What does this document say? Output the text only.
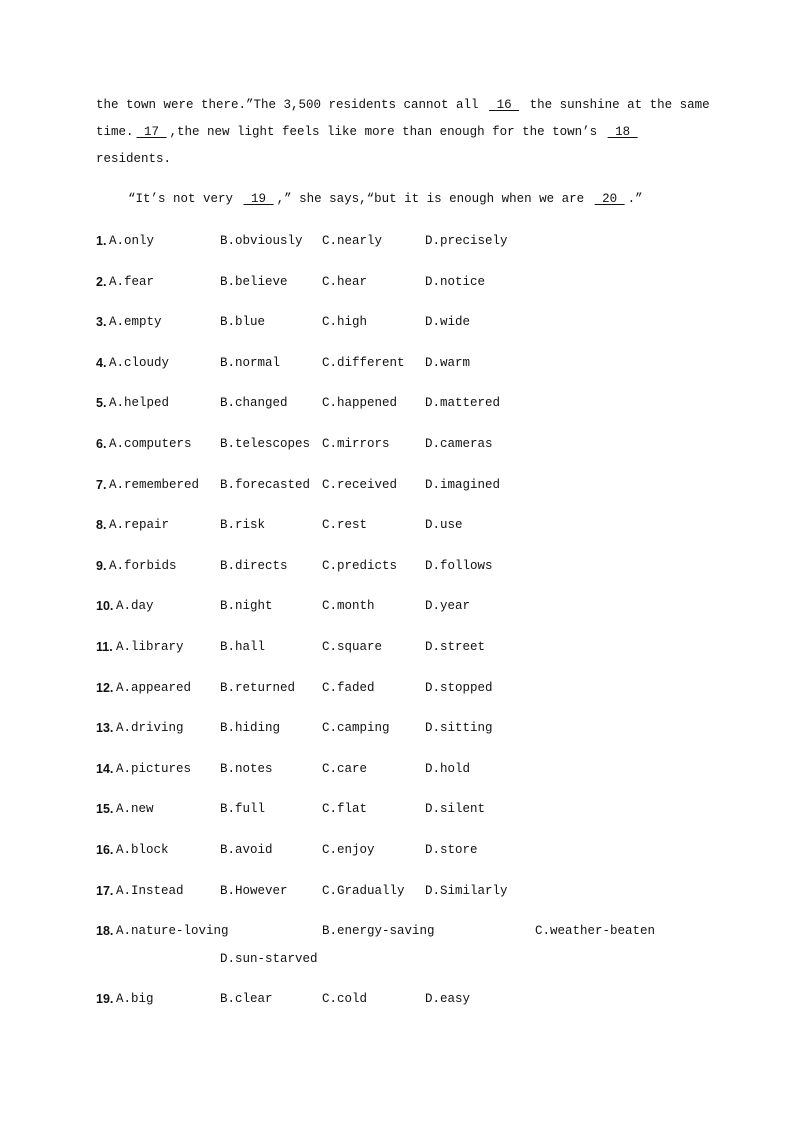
the town were there.”The 3,500 residents cannot all  16  the sunshine at the same
time. 17 ,the new light feels like more than enough for the town’s  18
residents.
“It’s not very  19 ,” she says,“but it is enough when we are  20 .”
1. A.only	B.obviously C.nearly	D.precisely
2. A.fear	B.believe	C.hear	D.notice
3. A.empty	B.blue	C.high	D.wide
4. A.cloudy	B.normal	C.different D.warm
5. A.helped	B.changed	C.happened D.mattered
6. A.computers B.telescopes C.mirrors	D.cameras
7. A.remembered B.forecasted C.received D.imagined
8. A.repair	B.risk	C.rest	D.use
9. A.forbids	B.directs	C.predicts D.follows
10. A.day	B.night	C.month	D.year
11. A.library	B.hall	C.square	D.street
12. A.appeared B.returned C.faded	D.stopped
13. A.driving	B.hiding	C.camping	D.sitting
14. A.pictures B.notes	C.care	D.hold
15. A.new	B.full	C.flat	D.silent
16. A.block	B.avoid	C.enjoy	D.store
17. A.Instead	B.However	C.Gradually D.Similarly
18. A.nature-loving	B.energy-saving	C.weather-beaten
D.sun-starved
19. A.big	B.clear	C.cold	D.easy
